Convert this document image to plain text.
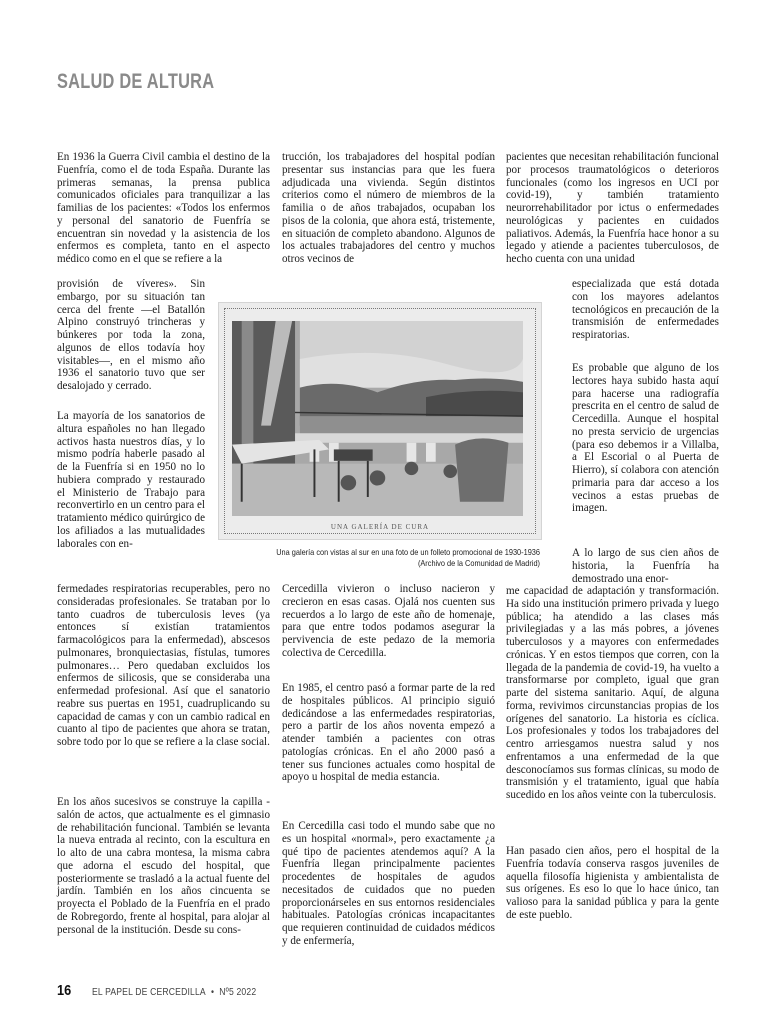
SALUD DE ALTURA

En 1936 la Guerra Civil cambia el destino de la Fuenfría, como el de toda España. Durante las primeras semanas, la prensa publica comunicados oficiales para tranquilizar a las familias de los pacientes: «Todos los enfermos y personal del sanatorio de Fuenfría se encuentran sin novedad y la asistencia de los enfermos es completa, tanto en el aspecto médico como en el que se refiere a la

provisión de víveres». Sin embargo, por su situación tan cerca del frente —el Batallón Alpino construyó trincheras y búnkeres por toda la zona, algunos de ellos todavía hoy visitables—, en el mismo año 1936 el sanatorio tuvo que ser desalojado y cerrado.

La mayoría de los sanatorios de altura españoles no han llegado activos hasta nuestros días, y lo mismo podría haberle pasado al de la Fuenfría si en 1950 no lo hubiera comprado y restaurado el Ministerio de Trabajo para reconvertirlo en un centro para el tratamiento médico quirúrgico de los afiliados a las mutualidades laborales con en-

fermedades respiratorias recuperables, pero no consideradas profesionales. Se trataban por lo tanto cuadros de tuberculosis leves (ya entonces sí existían tratamientos farmacológicos para la enfermedad), abscesos pulmonares, bronquiectasias, fístulas, tumores pulmonares… Pero quedaban excluidos los enfermos de silicosis, que se consideraba una enfermedad profesional. Así que el sanatorio reabre sus puertas en 1951, cuadruplicando su capacidad de camas y con un cambio radical en cuanto al tipo de pacientes que ahora se tratan, sobre todo por lo que se refiere a la clase social.

En los años sucesivos se construye la capilla - salón de actos, que actualmente es el gimnasio de rehabilitación funcional. También se levanta la nueva entrada al recinto, con la escultura en lo alto de una cabra montesa, la misma cabra que adorna el escudo del hospital, que posteriormente se trasladó a la actual fuente del jardín. También en los años cincuenta se proyecta el Poblado de la Fuenfría en el prado de Robregordo, frente al hospital, para alojar al personal de la institución. Desde su cons-

trucción, los trabajadores del hospital podían presentar sus instancias para que les fuera adjudicada una vivienda. Según distintos criterios como el número de miembros de la familia o de años trabajados, ocupaban los pisos de la colonia, que ahora está, tristemente, en situación de completo abandono. Algunos de los actuales trabajadores del centro y muchos otros vecinos de

Cercedilla vivieron o incluso nacieron y crecieron en esas casas. Ojalá nos cuenten sus recuerdos a lo largo de este año de homenaje, para que entre todos podamos asegurar la pervivencia de este pedazo de la memoria colectiva de Cercedilla.

En 1985, el centro pasó a formar parte de la red de hospitales públicos. Al principio siguió dedicándose a las enfermedades respiratorias, pero a partir de los años noventa empezó a atender también a pacientes con otras patologías crónicas. En el año 2000 pasó a tener sus funciones actuales como hospital de apoyo u hospital de media estancia.

En Cercedilla casi todo el mundo sabe que no es un hospital «normal», pero exactamente ¿a qué tipo de pacientes atendemos aquí? A la Fuenfría llegan principalmente pacientes procedentes de hospitales de agudos necesitados de cuidados que no pueden proporcionárseles en sus entornos residenciales habituales. Patologías crónicas incapacitantes que requieren continuidad de cuidados médicos y de enfermería,

pacientes que necesitan rehabilitación funcional por procesos traumatológicos o deterioros funcionales (como los ingresos en UCI por covid-19), y también tratamiento neurorrehabilitador por ictus o enfermedades neurológicas y pacientes en cuidados paliativos. Además, la Fuenfría hace honor a su legado y atiende a pacientes tuberculosos, de hecho cuenta con una unidad

especializada que está dotada con los mayores adelantos tecnológicos en precaución de la transmisión de enfermedades respiratorias.

Es probable que alguno de los lectores haya subido hasta aquí para hacerse una radiografía prescrita en el centro de salud de Cercedilla. Aunque el hospital no presta servicio de urgencias (para eso debemos ir a Villalba, a El Escorial o al Puerta de Hierro), sí colabora con atención primaria para dar acceso a los vecinos a estas pruebas de imagen.

A lo largo de sus cien años de historia, la Fuenfría ha demostrado una enor-

me capacidad de adaptación y transformación. Ha sido una institución primero privada y luego pública; ha atendido a las clases más privilegiadas y a las más pobres, a jóvenes tuberculosos y a mayores con enfermedades crónicas. Y en estos tiempos que corren, con la llegada de la pandemia de covid-19, ha vuelto a transformarse por completo, igual que gran parte del sistema sanitario. Aquí, de alguna forma, revivimos circunstancias propias de los orígenes del sanatorio. La historia es cíclica. Los profesionales y todos los trabajadores del centro arriesgamos nuestra salud y nos enfrentamos a una enfermedad de la que desconocíamos sus formas clínicas, su modo de transmisión y el tratamiento, igual que había sucedido en los años veinte con la tuberculosis.

Han pasado cien años, pero el hospital de la Fuenfría todavía conserva rasgos juveniles de aquella filosofía higienista y ambientalista de sus orígenes. Es eso lo que lo hace único, tan valioso para la sanidad pública y para la gente de este pueblo.

UNA GALERÍA DE CURA
Una galería con vistas al sur en una foto de un folleto promocional de 1930-1936
(Archivo de la Comunidad de Madrid)
16 EL PAPEL DE CERCEDILLA • Nº5 2022
